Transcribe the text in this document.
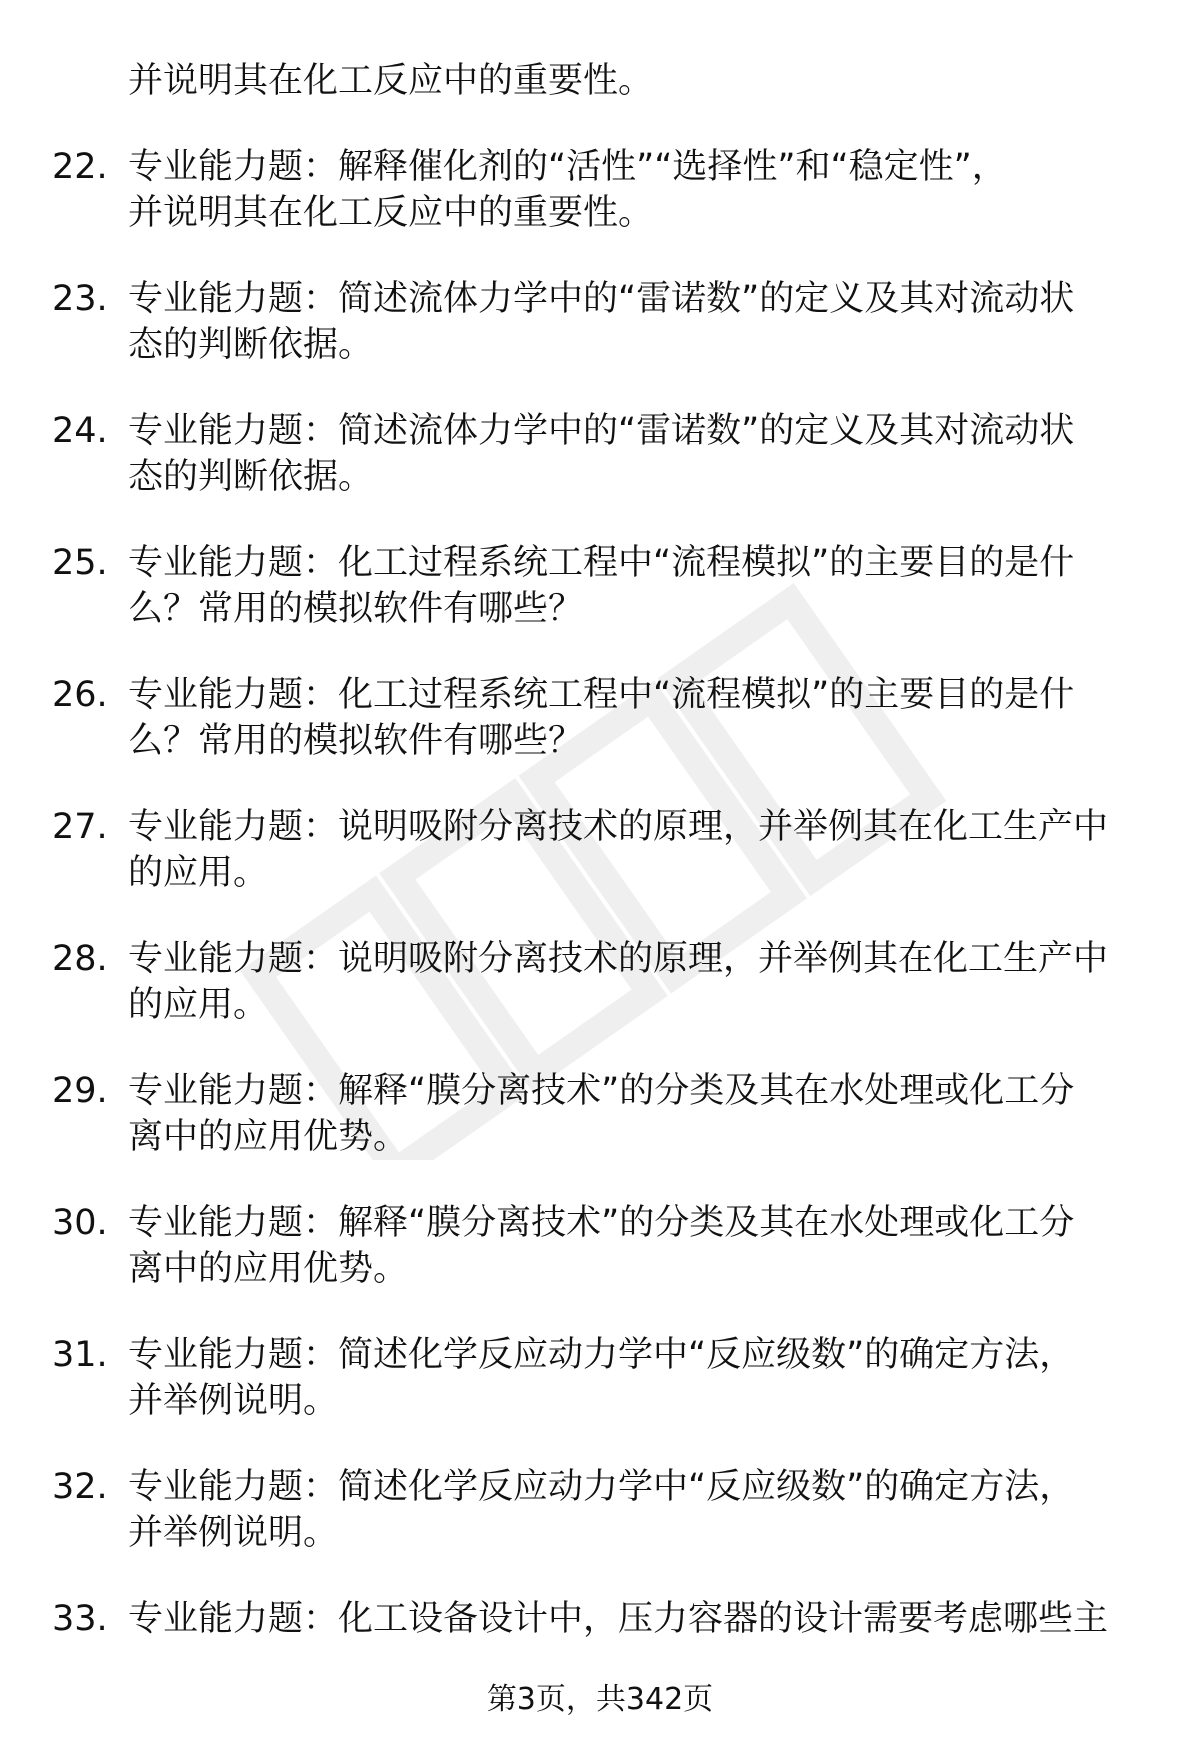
并说明其在化工反应中的重要性。

22. 专业能力题：解释催化剂的“活性”“选择性”和“稳定性”，
并说明其在化工反应中的重要性。
23. 专业能力题：简述流体力学中的“雷诺数”的定义及其对流动状
态的判断依据。
24. 专业能力题：简述流体力学中的“雷诺数”的定义及其对流动状
态的判断依据。
25. 专业能力题：化工过程系统工程中“流程模拟”的主要目的是什
么？常用的模拟软件有哪些？
26. 专业能力题：化工过程系统工程中“流程模拟”的主要目的是什
么？常用的模拟软件有哪些？
27. 专业能力题：说明吸附分离技术的原理，并举例其在化工生产中
的应用。
28. 专业能力题：说明吸附分离技术的原理，并举例其在化工生产中
的应用。
29. 专业能力题：解释“膜分离技术”的分类及其在水处理或化工分
离中的应用优势。
30. 专业能力题：解释“膜分离技术”的分类及其在水处理或化工分
离中的应用优势。
31. 专业能力题：简述化学反应动力学中“反应级数”的确定方法，
并举例说明。
32. 专业能力题：简述化学反应动力学中“反应级数”的确定方法，
并举例说明。
33. 专业能力题：化工设备设计中，压力容器的设计需要考虑哪些主
第3页，共342页
